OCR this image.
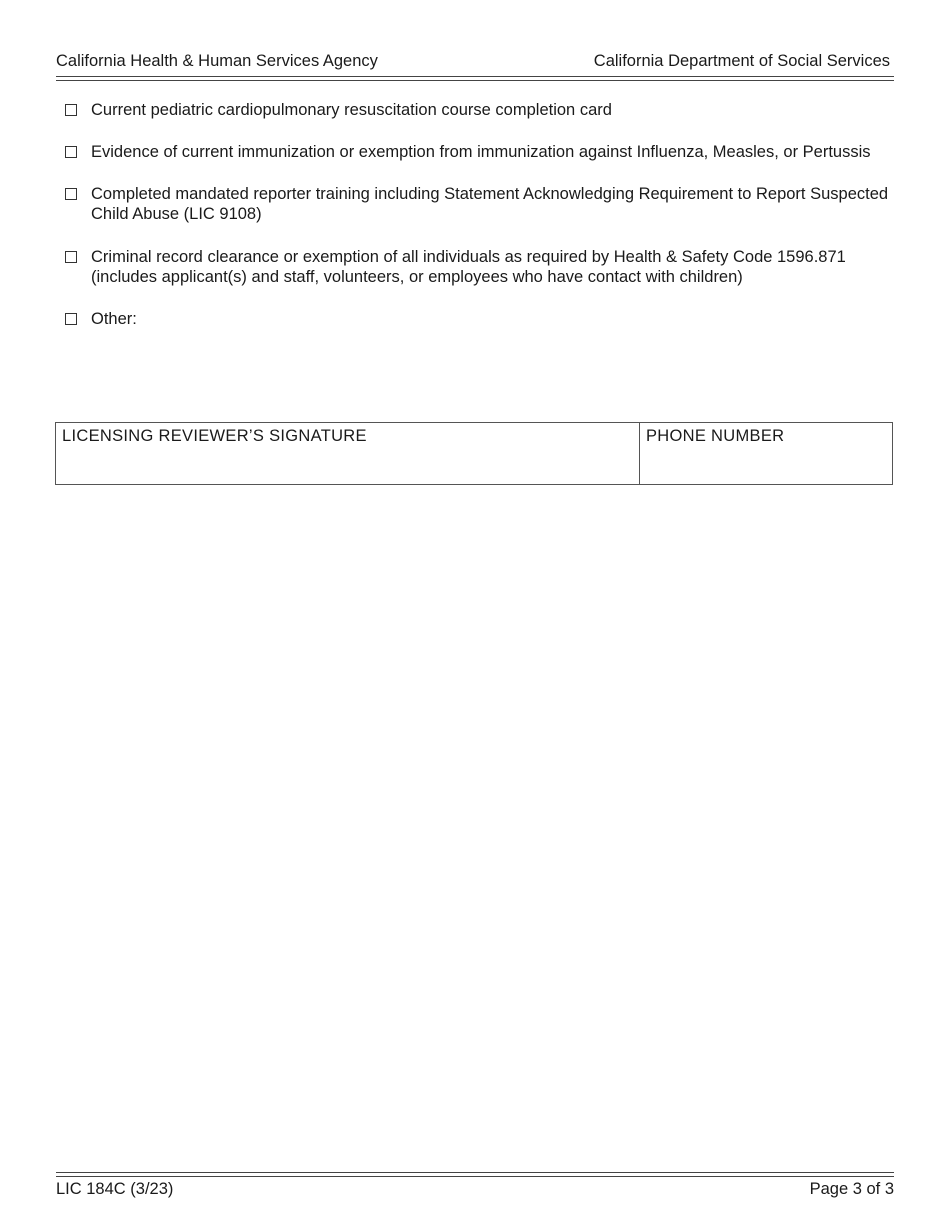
California Health & Human Services Agency	California Department of Social Services
Current pediatric cardiopulmonary resuscitation course completion card
Evidence of current immunization or exemption from immunization against Influenza, Measles, or Pertussis
Completed mandated reporter training including Statement Acknowledging Requirement to Report Suspected Child Abuse (LIC 9108)
Criminal record clearance or exemption of all individuals as required by Health & Safety Code 1596.871 (includes applicant(s) and staff, volunteers, or employees who have contact with children)
Other:
LICENSING REVIEWER’S SIGNATURE	PHONE NUMBER
LIC 184C (3/23)	Page 3 of 3
